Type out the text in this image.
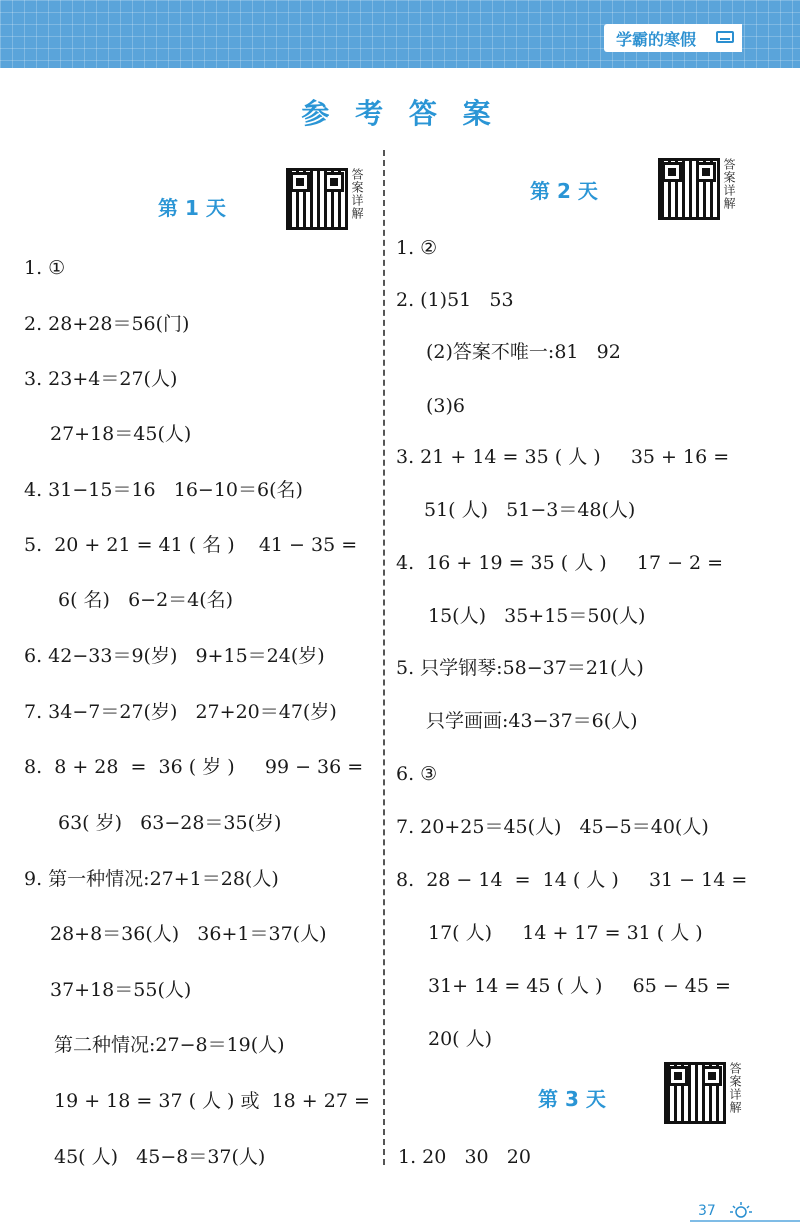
学霸的寒假
参 考 答 案
第 1 天	答案详解
1. ①
2. 28+28＝56(门)
3. 23+4＝27(人)
27+18＝45(人)
4. 31−15＝16   16−10＝6(名)
5.  20 + 21 = 41 ( 名 )    41 − 35 =
6( 名)   6−2＝4(名)
6. 42−33＝9(岁)   9+15＝24(岁)
7. 34−7＝27(岁)   27+20＝47(岁)
8.  8 + 28  =  36 ( 岁 )     99 − 36 =
63( 岁)   63−28＝35(岁)
9. 第一种情况:27+1＝28(人)
28+8＝36(人)   36+1＝37(人)
37+18＝55(人)
第二种情况:27−8＝19(人)
19 + 18 = 37 ( 人 ) 或  18 + 27 =
45( 人)   45−8＝37(人)
第 2 天	答案详解
1. ②
2. (1)51   53
(2)答案不唯一:81   92
(3)6
3. 21 + 14 = 35 ( 人 )     35 + 16 =
51( 人)   51−3＝48(人)
4.  16 + 19 = 35 ( 人 )     17 − 2 =
15(人)   35+15＝50(人)
5. 只学钢琴:58−37＝21(人)
只学画画:43−37＝6(人)
6. ③
7. 20+25＝45(人)   45−5＝40(人)
8.  28 − 14  =  14 ( 人 )     31 − 14 =
17( 人)     14 + 17 = 31 ( 人 )
31+ 14 = 45 ( 人 )     65 − 45 =
20( 人)
第 3 天	答案详解
1. 20   30   20
37
